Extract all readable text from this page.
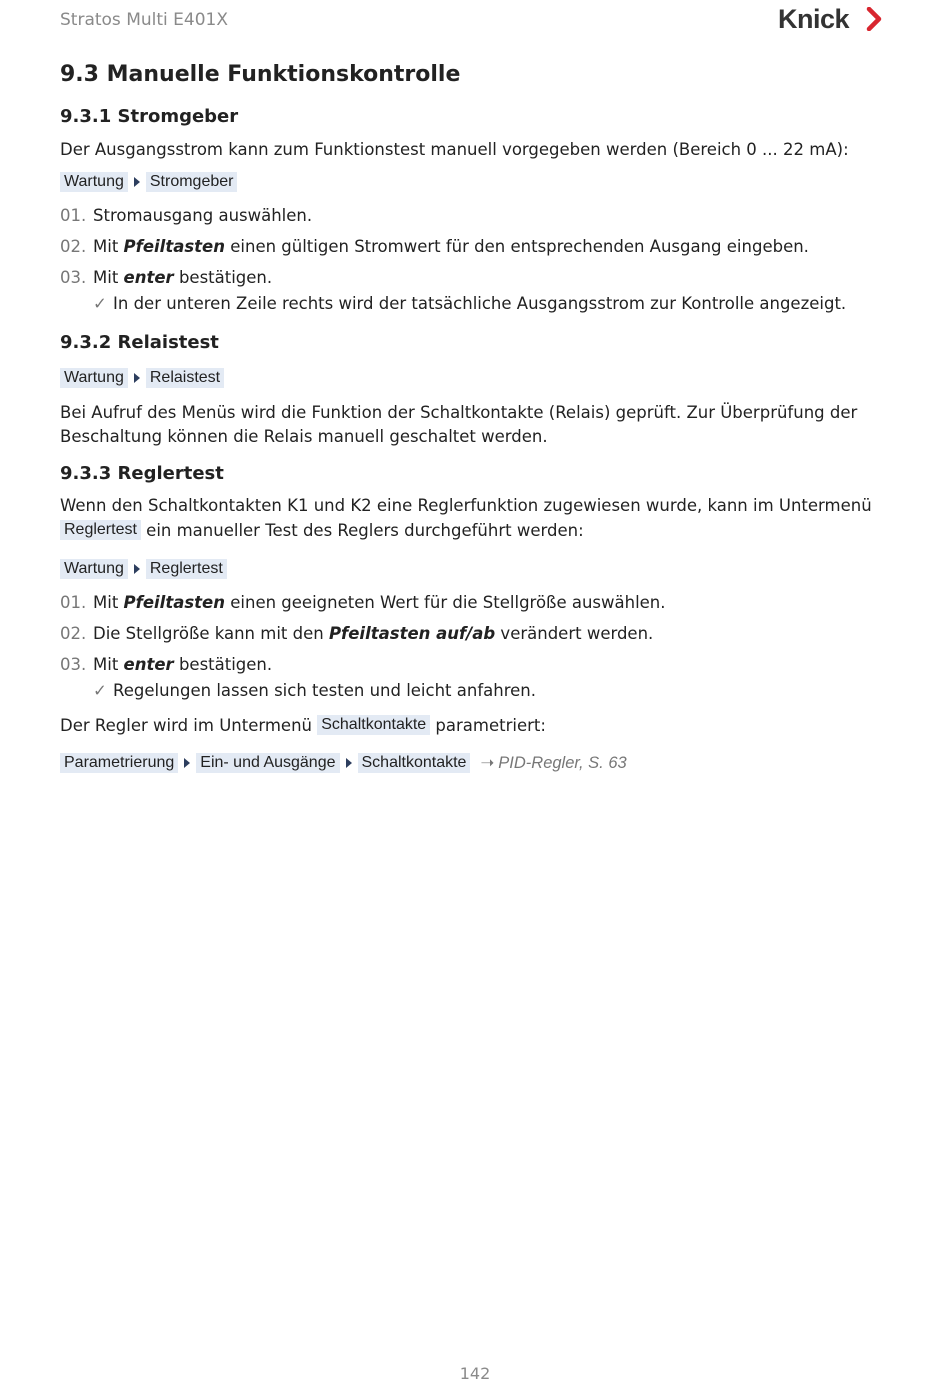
Stratos Multi E401X	Knick
9.3 Manuelle Funktionskontrolle
9.3.1 Stromgeber
Der Ausgangsstrom kann zum Funktionstest manuell vorgegeben werden (Bereich 0 ... 22 mA):
Wartung Stromgeber
01. Stromausgang auswählen.
02. Mit Pfeiltasten einen gültigen Stromwert für den entsprechenden Ausgang eingeben.
03. Mit enter bestätigen.
✓ In der unteren Zeile rechts wird der tatsächliche Ausgangsstrom zur Kontrolle angezeigt.
9.3.2 Relaistest
Wartung Relaistest
Bei Aufruf des Menüs wird die Funktion der Schaltkontakte (Relais) geprüft. Zur Überprüfung der Beschaltung können die Relais manuell geschaltet werden.
9.3.3 Reglertest
Wenn den Schaltkontakten K1 und K2 eine Reglerfunktion zugewiesen wurde, kann im Untermenü
Reglertest ein manueller Test des Reglers durchgeführt werden:
Wartung Reglertest
01. Mit Pfeiltasten einen geeigneten Wert für die Stellgröße auswählen.
02. Die Stellgröße kann mit den Pfeiltasten auf/ab verändert werden.
03. Mit enter bestätigen.
✓ Regelungen lassen sich testen und leicht anfahren.
Der Regler wird im Untermenü Schaltkontakte parametriert:
Parametrierung Ein- und Ausgänge Schaltkontakte ➝ PID-Regler, S. 63
142
